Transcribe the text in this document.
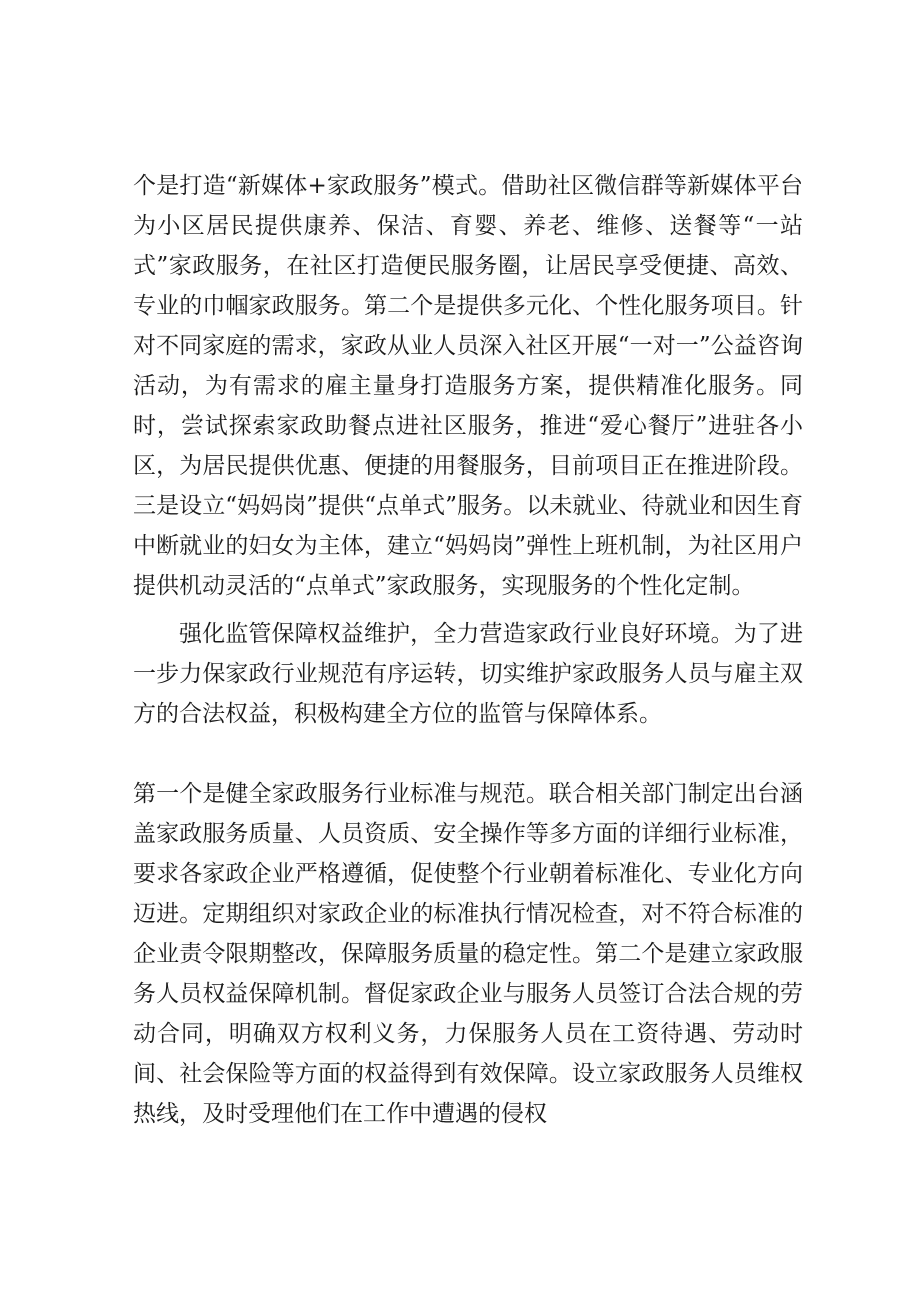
个是打造“新媒体+家政服务”模式。借助社区微信群等新媒体平台为小区居民提供康养、保洁、育婴、养老、维修、送餐等“一站式”家政服务，在社区打造便民服务圈，让居民享受便捷、高效、专业的巾帼家政服务。第二个是提供多元化、个性化服务项目。针对不同家庭的需求，家政从业人员深入社区开展“一对一”公益咨询活动，为有需求的雇主量身打造服务方案，提供精准化服务。同时，尝试探索家政助餐点进社区服务，推进“爱心餐厅”进驻各小区，为居民提供优惠、便捷的用餐服务，目前项目正在推进阶段。三是设立“妈妈岗”提供“点单式”服务。以未就业、待就业和因生育中断就业的妇女为主体，建立“妈妈岗”弹性上班机制，为社区用户提供机动灵活的“点单式”家政服务，实现服务的个性化定制。

强化监管保障权益维护，全力营造家政行业良好环境。为了进一步力保家政行业规范有序运转，切实维护家政服务人员与雇主双方的合法权益，积极构建全方位的监管与保障体系。

第一个是健全家政服务行业标准与规范。联合相关部门制定出台涵盖家政服务质量、人员资质、安全操作等多方面的详细行业标准，要求各家政企业严格遵循，促使整个行业朝着标准化、专业化方向迈进。定期组织对家政企业的标准执行情况检查，对不符合标准的企业责令限期整改，保障服务质量的稳定性。第二个是建立家政服务人员权益保障机制。督促家政企业与服务人员签订合法合规的劳动合同，明确双方权利义务，力保服务人员在工资待遇、劳动时间、社会保险等方面的权益得到有效保障。设立家政服务人员维权热线，及时受理他们在工作中遭遇的侵权
